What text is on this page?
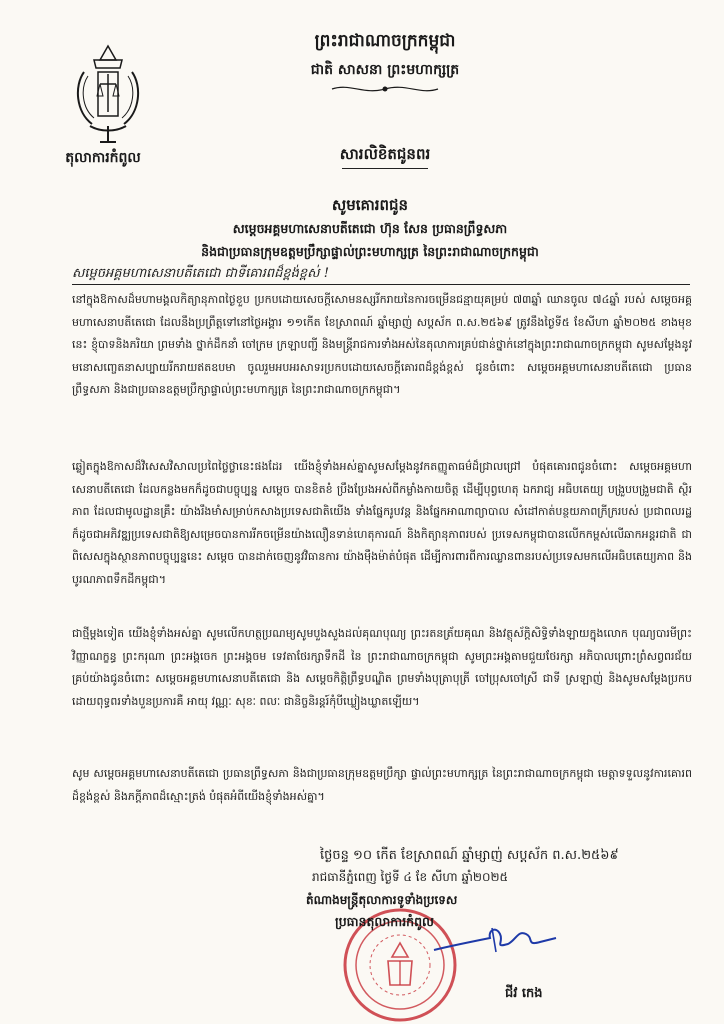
តុលាការកំពូល
ព្រះរាជាណាចក្រកម្ពុជា
ជាតិ សាសនា ព្រះមហាក្សត្រ
សារលិខិតជូនពរ
សូមគោរពជូន
សម្តេចអគ្គមហាសេនាបតីតេជោ ហ៊ុន សែន ប្រធានព្រឹទ្ធសភា
និងជាប្រធានក្រុមឧត្តមប្រឹក្សាផ្ទាល់ព្រះមហាក្សត្រ នៃព្រះរាជាណាចក្រកម្ពុជា
សម្តេចអគ្គមហាសេនាបតីតេជោ ជាទីគោរពដ៏ខ្ពង់ខ្ពស់ !

នៅក្នុងឱកាសដ៏មហាមង្គលកិត្យានុភាពថ្ងៃខួប ប្រកបដោយសេចក្តីសោមនស្សរីករាយនៃការចម្រើនជន្មាយុគម្រប់ ៧៣ឆ្នាំ ឈានចូល ៧៤ឆ្នាំ របស់ សម្តេចអគ្គមហាសេនាបតីតេជោ ដែលនឹងប្រព្រឹត្តទៅនៅថ្ងៃអង្គារ ១១កើត ខែស្រាពណ៍ ឆ្នាំម្សាញ់ សប្តស័ក ព.ស.២៥៦៩ ត្រូវនឹងថ្ងៃទី៥ ខែសីហា ឆ្នាំ២០២៥ ខាងមុខនេះ ខ្ញុំបាទនិងភរិយា ព្រមទាំង ថ្នាក់ដឹកនាំ ចៅក្រម ក្រឡាបញ្ជី និងមន្ត្រីរាជការទាំងអស់នៃតុលាការគ្រប់ជាន់ថ្នាក់នៅក្នុងព្រះរាជាណាចក្រកម្ពុជា សូមសម្តែងនូវមនោសញ្ចេតនាសប្បាយរីករាយឥតឧបមា ចូលរួមអបអរសាទរប្រកបដោយសេចក្តីគោរពដ៏ខ្ពង់ខ្ពស់ ជូនចំពោះ សម្តេចអគ្គមហាសេនាបតីតេជោ ប្រធានព្រឹទ្ធសភា និងជាប្រធានឧត្តមប្រឹក្សាផ្ទាល់ព្រះមហាក្សត្រ នៃព្រះរាជាណាចក្រកម្ពុជា។

ឆ្លៀតក្នុងឱកាសដ៏វិសេសវិសាលប្រពៃថ្លៃថ្លានេះផងដែរ យើងខ្ញុំទាំងអស់គ្នាសូមសម្តែងនូវកតញ្ញូតាធម៌ដ៏ជ្រាលជ្រៅ បំផុតគោរពជូនចំពោះ សម្តេចអគ្គមហាសេនាបតីតេជោ ដែលកន្លងមកក៏ដូចជាបច្ចុប្បន្ន សម្តេច បានខិតខំ ប្រឹងប្រែងអស់ពីកម្លាំងកាយចិត្ត ដើម្បីបុព្វហេតុ ឯករាជ្យ អធិបតេយ្យ បង្រួបបង្រួមជាតិ ស្ថិរភាព ដែលជាមូលដ្ឋានគ្រឹះ យ៉ាងរឹងមាំសម្រាប់កសាងប្រទេសជាតិយើង ទាំងផ្នែករូបវន្ត និងផ្នែកអាណាព្យាបាល សំដៅកាត់បន្ថយភាពក្រីក្ររបស់ ប្រជាពលរដ្ឋ ក៏ដូចជាអភិវឌ្ឍប្រទេសជាតិឱ្យសម្រេចបានការរីកចម្រើនយ៉ាងលឿនទាន់ហេតុការណ៍ និងកិត្យានុភាពរបស់ ប្រទេសកម្ពុជាបានលើកកម្ពស់លើឆាកអន្តរជាតិ ជាពិសេសក្នុងស្ថានភាពបច្ចុប្បន្ននេះ សម្តេច បានដាក់ចេញនូវវិធានការ យ៉ាងម៉ឺងម៉ាត់បំផុត ដើម្បីការពារពីការឈ្លានពានរបស់ប្រទេសមកលើអធិបតេយ្យភាព និងបូរណភាពទឹកដីកម្ពុជា។

ជាថ្មីម្តងទៀត យើងខ្ញុំទាំងអស់គ្នា សូមលើកហត្ថប្រណម្យសូមបួងសួងដល់គុណបុណ្យ ព្រះរតនត្រ័យគុណ និងវត្ថុស័ក្តិសិទ្ធិទាំងឡាយក្នុងលោក បុណ្យបារមីព្រះវិញ្ញាណក្ខន្ធ ព្រះករុណា ព្រះអង្គចេក ព្រះអង្គចម ទេវតាថែរក្សាទឹកដី នៃ ព្រះរាជាណាចក្រកម្ពុជា សូមព្រះអង្គតាមជួយថែរក្សា អភិបាលព្រោះព្រំសព្វពរជ័យ គ្រប់យ៉ាងជូនចំពោះ សម្តេចអគ្គមហាសេនាបតីតេជោ និង សម្តេចកិត្តិព្រឹទ្ធបណ្ឌិត ព្រមទាំងបុត្រាបុត្រី ចៅប្រុសចៅស្រី ជាទី ស្រឡាញ់ និងសូមសម្តែងប្រកបដោយពុទ្ធពរទាំងបួនប្រការគឺ អាយុ វណ្ណៈ សុខៈ ពលៈ ជានិច្ចនិរន្តរ៍កុំបីឃ្លៀងឃ្លាតឡើយ។

សូម សម្តេចអគ្គមហាសេនាបតីតេជោ ប្រធានព្រឹទ្ធសភា និងជាប្រធានក្រុមឧត្តមប្រឹក្សា ផ្ទាល់ព្រះមហាក្សត្រ នៃព្រះរាជាណាចក្រកម្ពុជា មេត្តាទទួលនូវការគោរពដ៏ខ្ពង់ខ្ពស់ និងភក្តីភាពដ៏ស្មោះត្រង់ បំផុតអំពីយើងខ្ញុំទាំងអស់គ្នា។

ថ្ងៃចន្ទ ១០ កើត ខែស្រាពណ៍ ឆ្នាំម្សាញ់ សប្តស័ក ព.ស.២៥៦៩
រាជធានីភ្នំពេញ ថ្ងៃទី ៤ ខែ សីហា ឆ្នាំ២០២៥
តំណាងមន្ត្រីតុលាការទូទាំងប្រទេស
ប្រធានតុលាការកំពូល
ជីវ កេង
